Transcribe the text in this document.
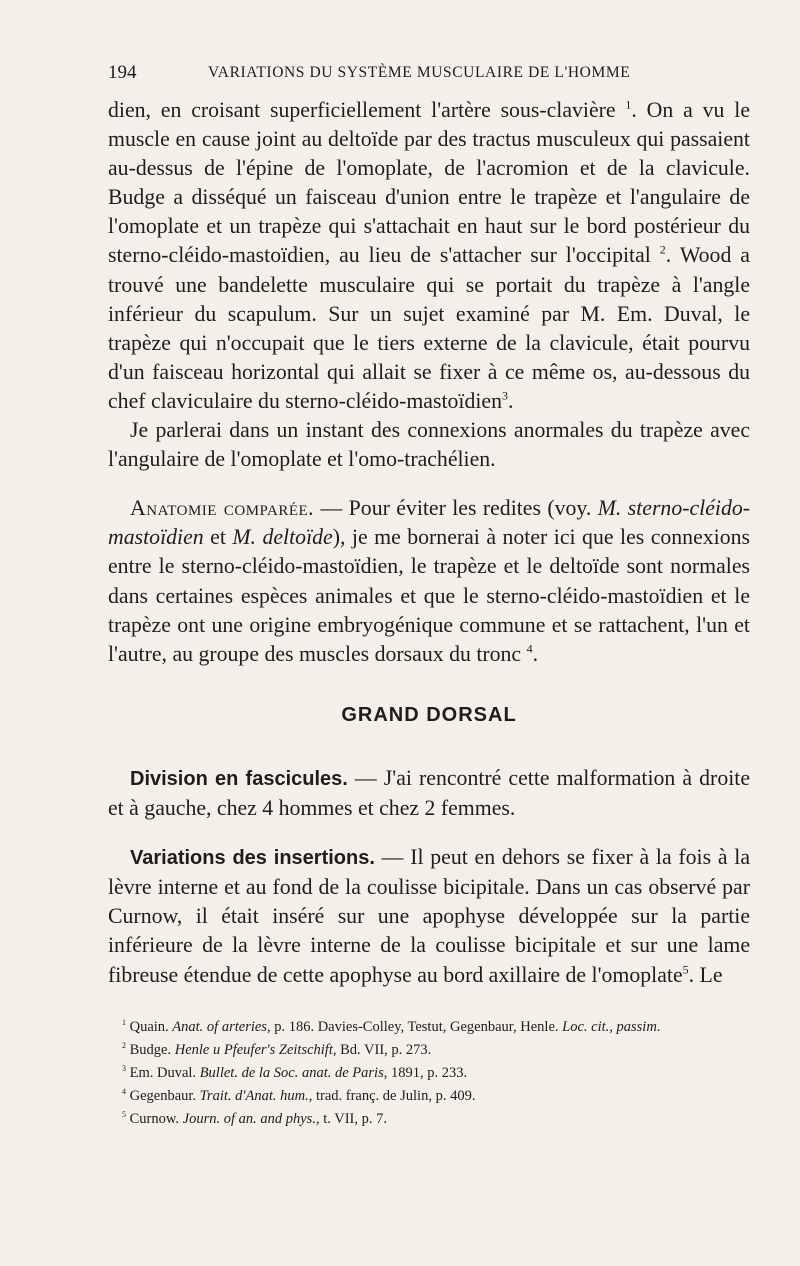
194	VARIATIONS DU SYSTÈME MUSCULAIRE DE L'HOMME

dien, en croisant superficiellement l'artère sous-clavière $^1$. On a vu le muscle en cause joint au deltoïde par des tractus musculeux qui passaient au-dessus de l'épine de l'omoplate, de l'acromion et de la clavicule. Budge a disséqué un faisceau d'union entre le trapèze et l'angulaire de l'omoplate et un trapèze qui s'attachait en haut sur le bord postérieur du sterno-cléido-mastoïdien, au lieu de s'attacher sur l'occipital $^2$. Wood a trouvé une bandelette musculaire qui se portait du trapèze à l'angle inférieur du scapulum. Sur un sujet examiné par M. Em. Duval, le trapèze qui n'occupait que le tiers externe de la clavicule, était pourvu d'un faisceau horizontal qui allait se fixer à ce même os, au-dessous du chef claviculaire du sterno-cléido-mastoïdien$^3$.

Je parlerai dans un instant des connexions anormales du trapèze avec l'angulaire de l'omoplate et l'omo-trachélien.

Anatomie comparée. — Pour éviter les redites (voy. M. sterno-cléido-mastoïdien et M. deltoïde), je me bornerai à noter ici que les connexions entre le sterno-cléido-mastoïdien, le trapèze et le deltoïde sont normales dans certaines espèces animales et que le sterno-cléido-mastoïdien et le trapèze ont une origine embryogénique commune et se rattachent, l'un et l'autre, au groupe des muscles dorsaux du tronc $^4$.

GRAND DORSAL

Division en fascicules. — J'ai rencontré cette malformation à droite et à gauche, chez 4 hommes et chez 2 femmes.

Variations des insertions. — Il peut en dehors se fixer à la fois à la lèvre interne et au fond de la coulisse bicipitale. Dans un cas observé par Curnow, il était inséré sur une apophyse développée sur la partie inférieure de la lèvre interne de la coulisse bicipitale et sur une lame fibreuse étendue de cette apophyse au bord axillaire de l'omoplate$^5$. Le

$^1$ Quain. Anat. of arteries, p. 186. Davies-Colley, Testut, Gegenbaur, Henle. Loc. cit., passim.

$^2$ Budge. Henle u Pfeufer's Zeitschift, Bd. VII, p. 273.

$^3$ Em. Duval. Bullet. de la Soc. anat. de Paris, 1891, p. 233.

$^4$ Gegenbaur. Trait. d'Anat. hum., trad. franç. de Julin, p. 409.

$^5$ Curnow. Journ. of an. and phys., t. VII, p. 7.
